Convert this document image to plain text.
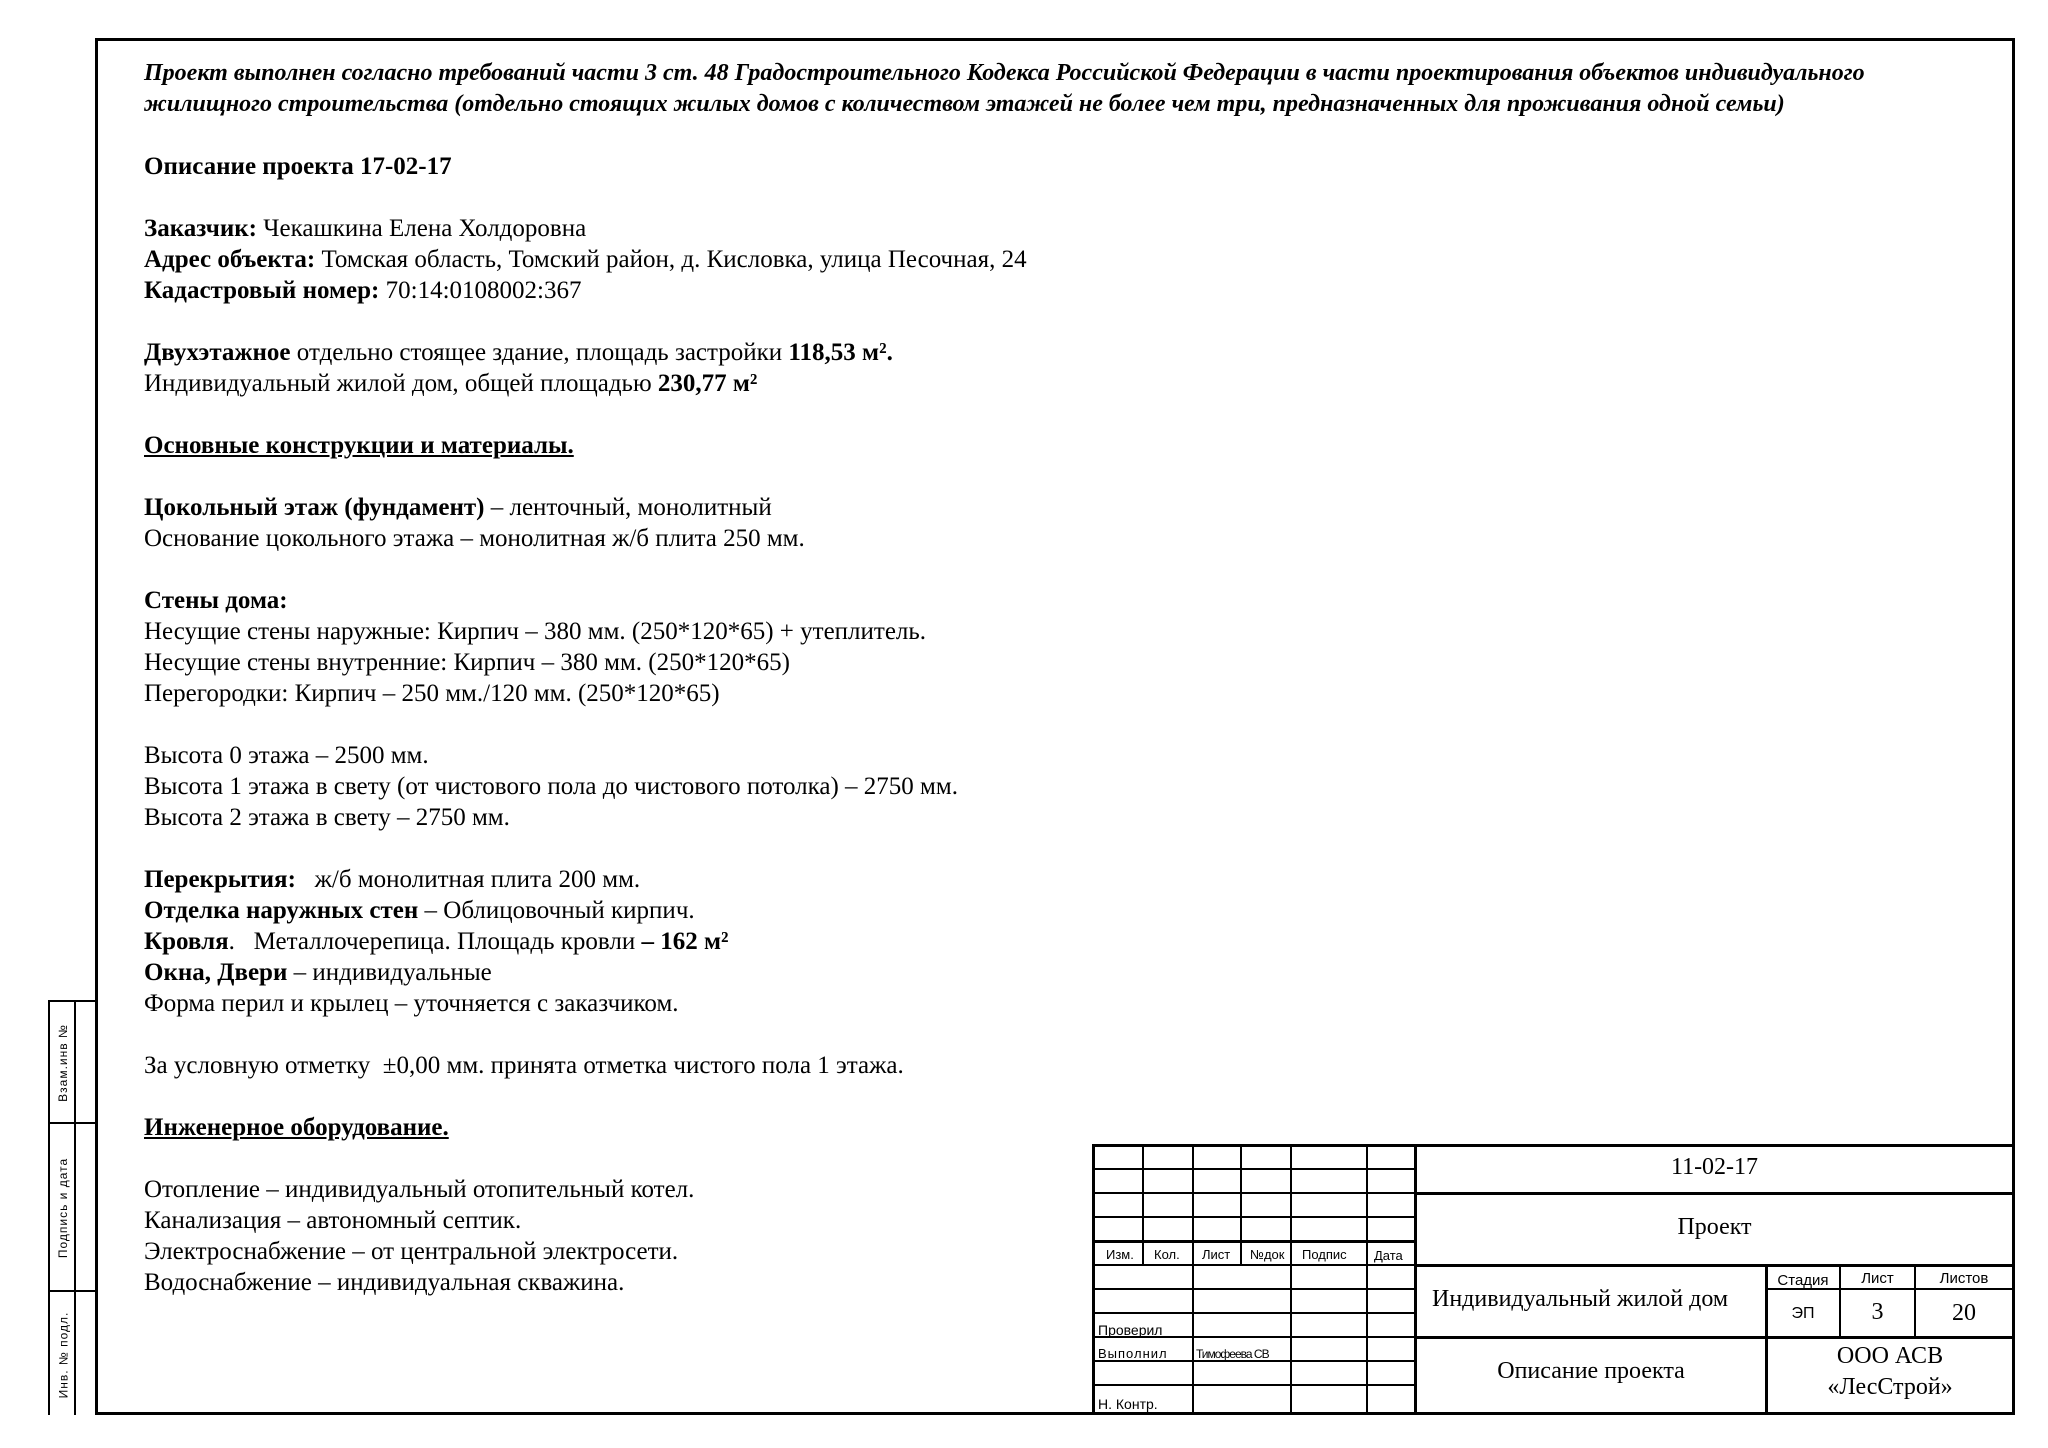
Взам.инв №
Подпись и дата
Инв. № подл.

Проект выполнен согласно требований части 3 ст. 48 Градостроительного Кодекса Российской Федерации в части проектирования объектов индивидуального жилищного строительства (отдельно стоящих жилых домов с количеством этажей не более чем три, предназначенных для проживания одной семьи)

Описание проекта 17-02-17

Заказчик: Чекашкина Елена Холдоровна

Адрес объекта: Томская область, Томский район, д. Кисловка, улица Песочная, 24

Кадастровый номер: 70:14:0108002:367

Двухэтажное отдельно стоящее здание, площадь застройки 118,53 м².

Индивидуальный жилой дом, общей площадью 230,77 м²

Основные конструкции и материалы.

Цокольный этаж (фундамент) – ленточный, монолитный

Основание цокольного этажа – монолитная ж/б плита 250 мм.

Стены дома:

Несущие стены наружные: Кирпич – 380 мм. (250*120*65) + утеплитель.

Несущие стены внутренние: Кирпич – 380 мм. (250*120*65)

Перегородки: Кирпич – 250 мм./120 мм. (250*120*65)

Высота 0 этажа – 2500 мм.

Высота 1 этажа в свету (от чистового пола до чистового потолка) – 2750 мм.

Высота 2 этажа в свету – 2750 мм.

Перекрытия:   ж/б монолитная плита 200 мм.

Отделка наружных стен – Облицовочный кирпич.

Кровля.   Металлочерепица. Площадь кровли – 162 м²

Окна, Двери – индивидуальные

Форма перил и крылец – уточняется с заказчиком.

За условную отметку  ±0,00 мм. принята отметка чистого пола 1 этажа.

Инженерное оборудование.

Отопление – индивидуальный отопительный котел.

Канализация – автономный септик.

Электроснабжение – от центральной электросети.

Водоснабжение – индивидуальная скважина.

Изм. Кол. Лист №док Подпис Дата
Проверил
Выполнил Тимофеева СВ
Н. Контр.
11-02-17
Проект
Индивидуальный жилой дом
Описание проекта
Стадия	Лист	Листов
ЭП	3	20
ООО АСВ
«ЛесСтрой»
